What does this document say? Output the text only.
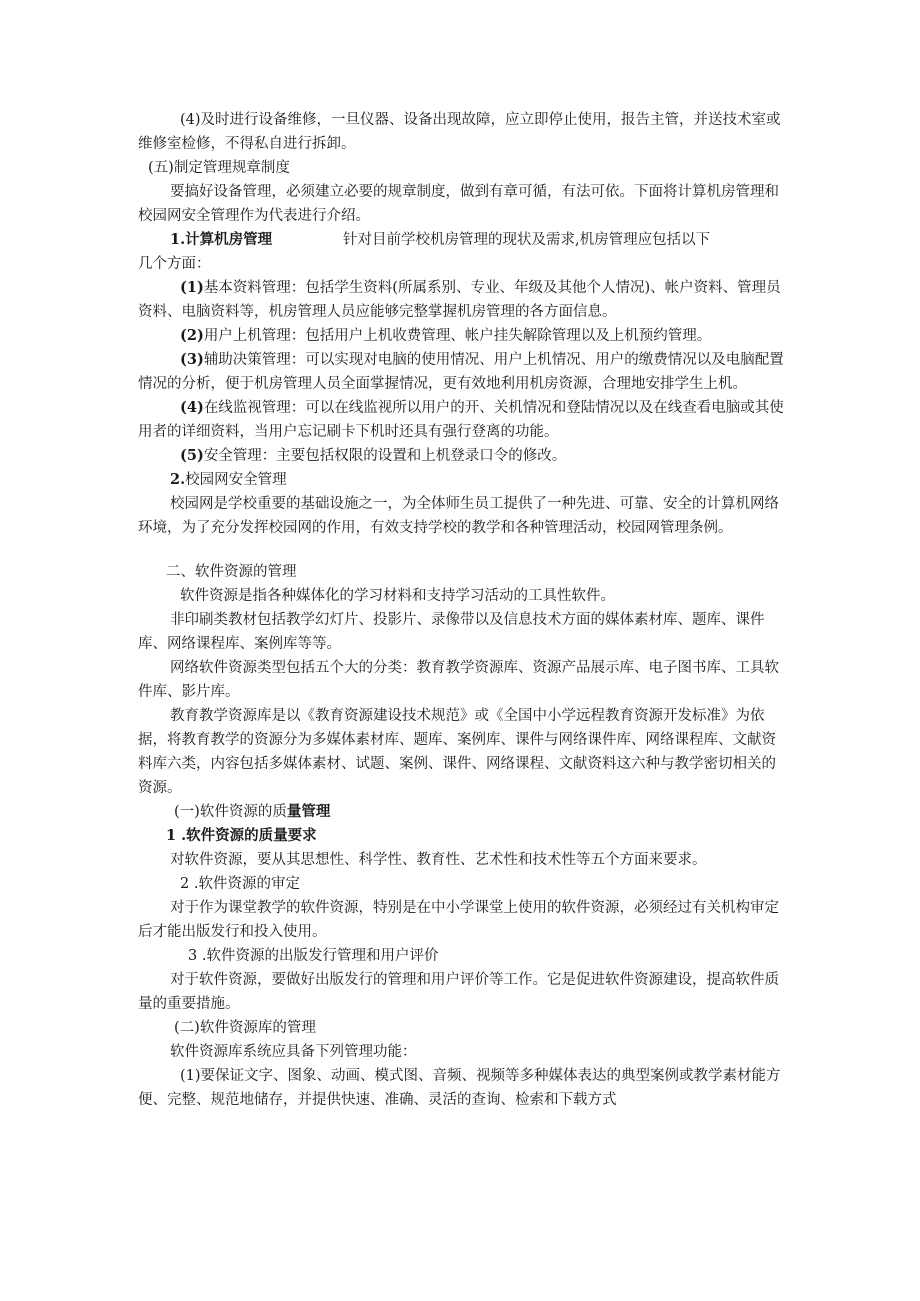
(4)及时进行设备维修，一旦仪器、设备出现故障，应立即停止使用，报告主管，并送技术室或维修室检修，不得私自进行拆卸。

(五)制定管理规章制度

要搞好设备管理，必须建立必要的规章制度，做到有章可循，有法可依。下面将计算机房管理和校园网安全管理作为代表进行介绍。

1.计算机房管理	针对目前学校机房管理的现状及需求,机房管理应包括以下

几个方面：

(1)基本资料管理：包括学生资料(所属系别、专业、年级及其他个人情况)、帐户资料、管理员资料、电脑资料等，机房管理人员应能够完整掌握机房管理的各方面信息。

(2)用户上机管理：包括用户上机收费管理、帐户挂失解除管理以及上机预约管理。

(3)辅助决策管理：可以实现对电脑的使用情况、用户上机情况、用户的缴费情况以及电脑配置情况的分析，便于机房管理人员全面掌握情况，更有效地利用机房资源，合理地安排学生上机。

(4)在线监视管理：可以在线监视所以用户的开、关机情况和登陆情况以及在线查看电脑或其使用者的详细资料，当用户忘记刷卡下机时还具有强行登离的功能。

(5)安全管理：主要包括权限的设置和上机登录口令的修改。

2.校园网安全管理

校园网是学校重要的基础设施之一，为全体师生员工提供了一种先进、可靠、安全的计算机网络环境，为了充分发挥校园网的作用，有效支持学校的教学和各种管理活动，校园网管理条例。

二、软件资源的管理

软件资源是指各种媒体化的学习材料和支持学习活动的工具性软件。

非印刷类教材包括教学幻灯片、投影片、录像带以及信息技术方面的媒体素材库、题库、课件库、网络课程库、案例库等等。

网络软件资源类型包括五个大的分类：教育教学资源库、资源产品展示库、电子图书库、工具软件库、影片库。

教育教学资源库是以《教育资源建设技术规范》或《全国中小学远程教育资源开发标准》为依据，将教育教学的资源分为多媒体素材库、题库、案例库、课件与网络课件库、网络课程库、文献资料库六类，内容包括多媒体素材、试题、案例、课件、网络课程、文献资料这六种与教学密切相关的资源。

(一)软件资源的质量管理

1 .软件资源的质量要求

对软件资源，要从其思想性、科学性、教育性、艺术性和技术性等五个方面来要求。

2 .软件资源的审定

对于作为课堂教学的软件资源，特别是在中小学课堂上使用的软件资源，必须经过有关机构审定后才能出版发行和投入使用。

3 .软件资源的出版发行管理和用户评价

对于软件资源，要做好出版发行的管理和用户评价等工作。它是促进软件资源建设，提高软件质量的重要措施。

(二)软件资源库的管理

软件资源库系统应具备下列管理功能：

(1)要保证文字、图象、动画、模式图、音频、视频等多种媒体表达的典型案例或教学素材能方便、完整、规范地储存，并提供快速、准确、灵活的查询、检索和下载方式
